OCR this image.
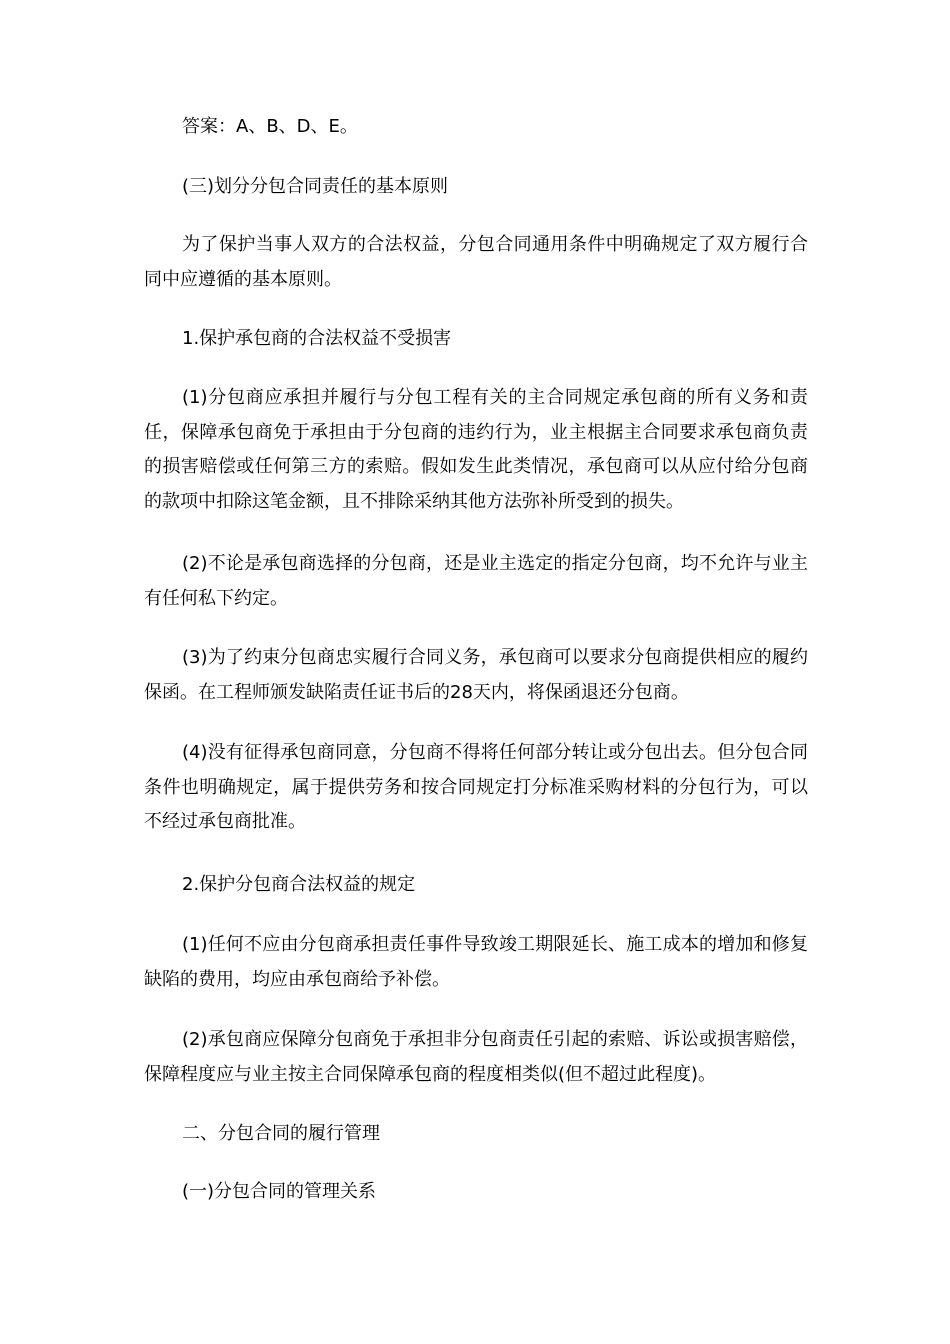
答案：A、B、D、E。

(三)划分分包合同责任的基本原则

为了保护当事人双方的合法权益，分包合同通用条件中明确规定了双方履行合同中应遵循的基本原则。

1.保护承包商的合法权益不受损害

(1)分包商应承担并履行与分包工程有关的主合同规定承包商的所有义务和责任，保障承包商免于承担由于分包商的违约行为，业主根据主合同要求承包商负责的损害赔偿或任何第三方的索赔。假如发生此类情况，承包商可以从应付给分包商的款项中扣除这笔金额，且不排除采纳其他方法弥补所受到的损失。

(2)不论是承包商选择的分包商，还是业主选定的指定分包商，均不允许与业主有任何私下约定。

(3)为了约束分包商忠实履行合同义务，承包商可以要求分包商提供相应的履约保函。在工程师颁发缺陷责任证书后的28天内，将保函退还分包商。

(4)没有征得承包商同意，分包商不得将任何部分转让或分包出去。但分包合同条件也明确规定，属于提供劳务和按合同规定打分标准采购材料的分包行为，可以不经过承包商批准。

2.保护分包商合法权益的规定

(1)任何不应由分包商承担责任事件导致竣工期限延长、施工成本的增加和修复缺陷的费用，均应由承包商给予补偿。

(2)承包商应保障分包商免于承担非分包商责任引起的索赔、诉讼或损害赔偿，保障程度应与业主按主合同保障承包商的程度相类似(但不超过此程度)。

二、分包合同的履行管理

(一)分包合同的管理关系
